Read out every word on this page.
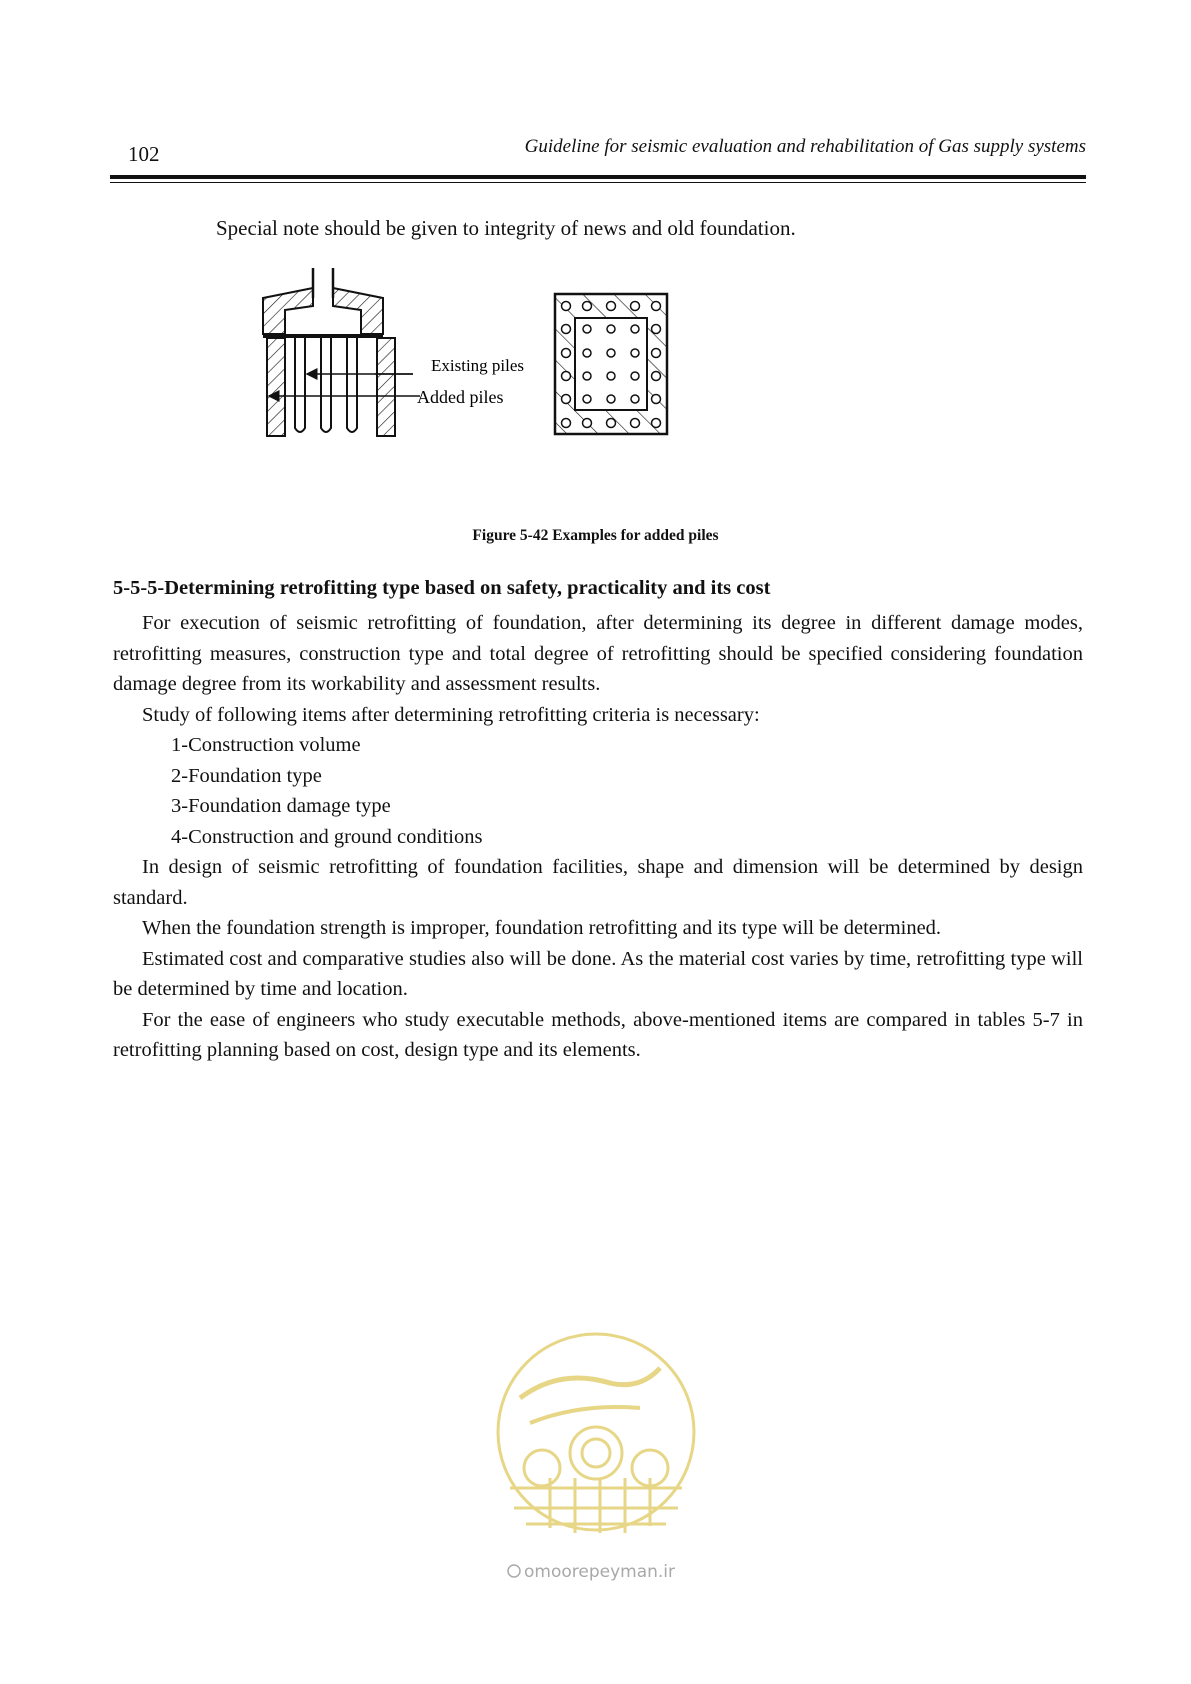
102	Guideline for seismic evaluation and rehabilitation of Gas supply systems
Special note should be given to integrity of news and old foundation.
Existing piles
Added piles
Figure 5-42 Examples for added piles

5-5-5-Determining retrofitting type based on safety, practicality and its cost

For execution of seismic retrofitting of foundation, after determining its degree in different damage modes, retrofitting measures, construction type and total degree of retrofitting should be specified considering foundation damage degree from its workability and assessment results.

Study of following items after determining retrofitting criteria is necessary:

1-Construction volume

2-Foundation type

3-Foundation damage type

4-Construction and ground conditions

In design of seismic retrofitting of foundation facilities, shape and dimension will be determined by design standard.

When the foundation strength is improper, foundation retrofitting and its type will be determined.

Estimated cost and comparative studies also will be done. As the material cost varies by time, retrofitting type will be determined by time and location.

For the ease of engineers who study executable methods, above-mentioned items are compared in tables 5-7 in retrofitting planning based on cost, design type and its elements.

omoorepeyman.ir
